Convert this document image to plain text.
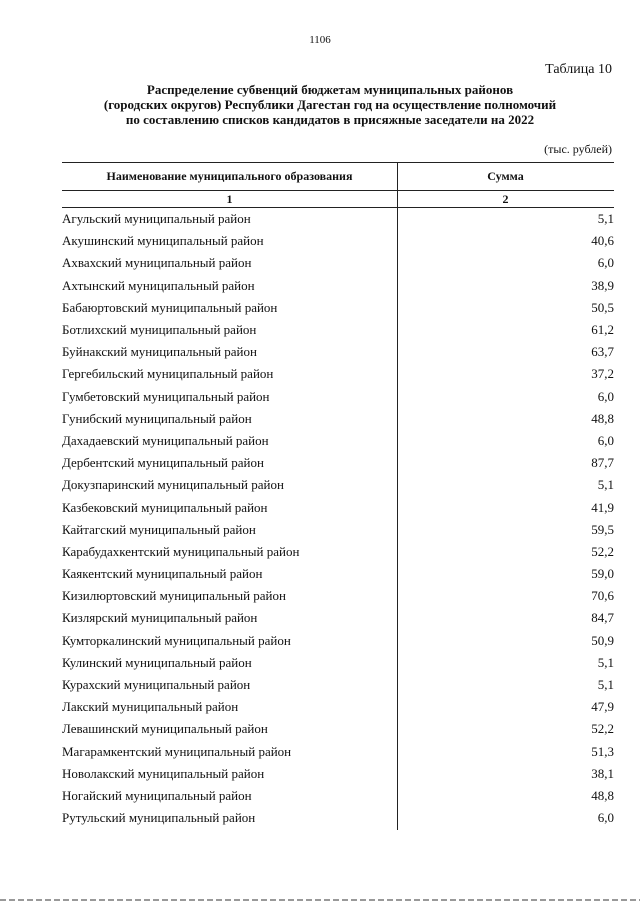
1106
Таблица 10
Распределение субвенций бюджетам муниципальных районов
(городских округов) Республики Дагестан год на осуществление полномочий
по составлению списков кандидатов в присяжные заседатели на 2022
(тыс. рублей)
Наименование муниципального образования	Сумма
1	2
Агульский муниципальный район	5,1
Акушинский муниципальный район	40,6
Ахвахский муниципальный район	6,0
Ахтынский муниципальный район	38,9
Бабаюртовский муниципальный район	50,5
Ботлихский муниципальный район	61,2
Буйнакский муниципальный район	63,7
Гергебильский муниципальный район	37,2
Гумбетовский муниципальный район	6,0
Гунибский муниципальный район	48,8
Дахадаевский муниципальный район	6,0
Дербентский муниципальный район	87,7
Докузпаринский муниципальный район	5,1
Казбековский муниципальный район	41,9
Кайтагский муниципальный район	59,5
Карабудахкентский муниципальный район	52,2
Каякентский муниципальный район	59,0
Кизилюртовский муниципальный район	70,6
Кизлярский муниципальный район	84,7
Кумторкалинский муниципальный район	50,9
Кулинский муниципальный район	5,1
Курахский муниципальный район	5,1
Лакский муниципальный район	47,9
Левашинский муниципальный район	52,2
Магарамкентский муниципальный район	51,3
Новолакский муниципальный район	38,1
Ногайский муниципальный район	48,8
Рутульский муниципальный район	6,0
